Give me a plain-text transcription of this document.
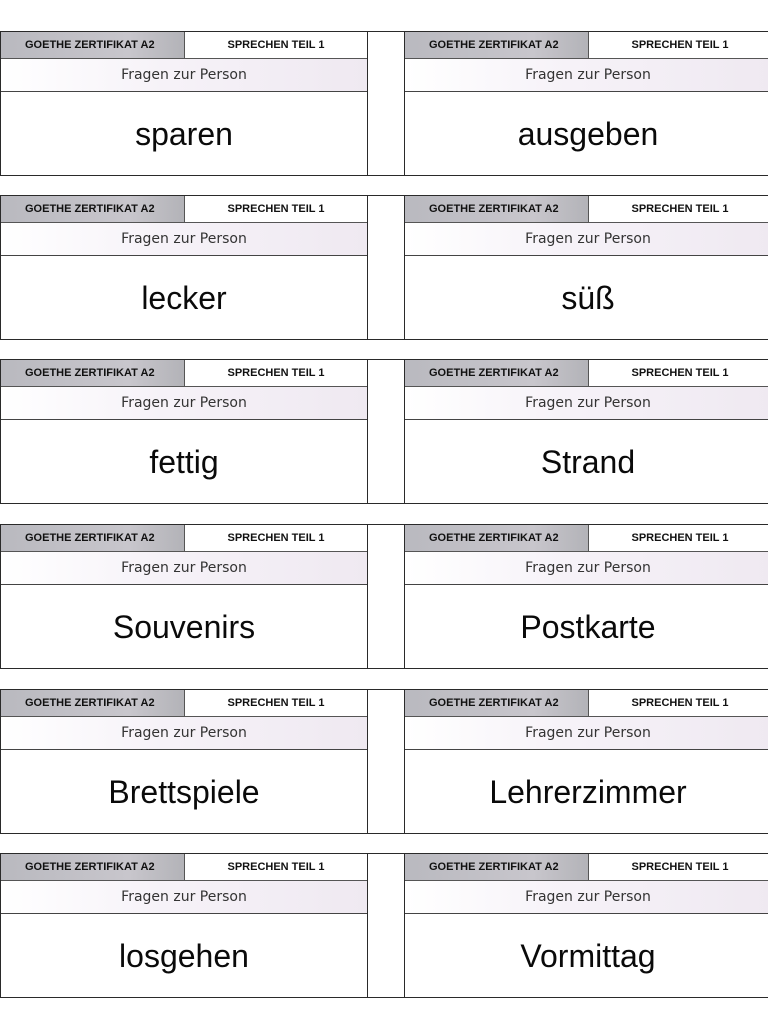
GOETHE ZERTIFIKAT A2	SPRECHEN TEIL 1
Fragen zur Person
sparen
GOETHE ZERTIFIKAT A2	SPRECHEN TEIL 1
Fragen zur Person
ausgeben
GOETHE ZERTIFIKAT A2	SPRECHEN TEIL 1
Fragen zur Person
lecker
GOETHE ZERTIFIKAT A2	SPRECHEN TEIL 1
Fragen zur Person
süß
GOETHE ZERTIFIKAT A2	SPRECHEN TEIL 1
Fragen zur Person
fettig
GOETHE ZERTIFIKAT A2	SPRECHEN TEIL 1
Fragen zur Person
Strand
GOETHE ZERTIFIKAT A2	SPRECHEN TEIL 1
Fragen zur Person
Souvenirs
GOETHE ZERTIFIKAT A2	SPRECHEN TEIL 1
Fragen zur Person
Postkarte
GOETHE ZERTIFIKAT A2	SPRECHEN TEIL 1
Fragen zur Person
Brettspiele
GOETHE ZERTIFIKAT A2	SPRECHEN TEIL 1
Fragen zur Person
Lehrerzimmer
GOETHE ZERTIFIKAT A2	SPRECHEN TEIL 1
Fragen zur Person
losgehen
GOETHE ZERTIFIKAT A2	SPRECHEN TEIL 1
Fragen zur Person
Vormittag
